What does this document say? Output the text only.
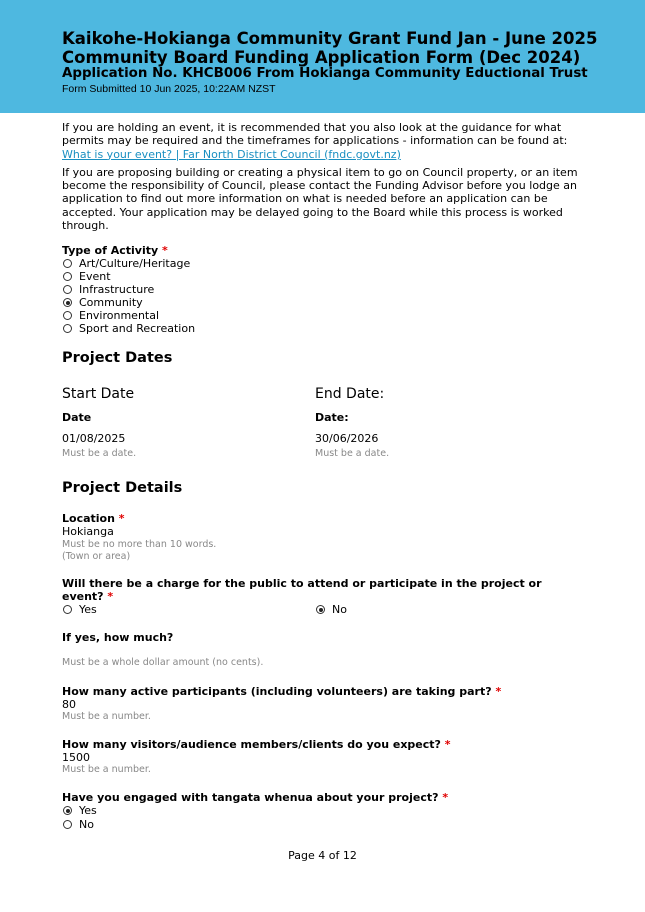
Kaikohe-Hokianga Community Grant Fund Jan - June 2025
Community Board Funding Application Form (Dec 2024)
Application No. KHCB006 From Hokianga Community Eductional Trust
Form Submitted 10 Jun 2025, 10:22AM NZST

If you are holding an event, it is recommended that you also look at the guidance for what permits may be required and the timeframes for applications - information can be found at:
What is your event? | Far North District Council (fndc.govt.nz)

If you are proposing building or creating a physical item to go on Council property, or an item become the responsibility of Council, please contact the Funding Advisor before you lodge an application to find out more information on what is needed before an application can be accepted. Your application may be delayed going to the Board while this process is worked through.

Type of Activity *
Art/Culture/Heritage
Event
Infrastructure
Community
Environmental
Sport and Recreation
Project Dates
Start Date
Date
01/08/2025
Must be a date.
End Date:
Date:
30/06/2026
Must be a date.
Project Details
Location *
Hokianga
Must be no more than 10 words.
(Town or area)
Will there be a charge for the public to attend or participate in the project or event? *
Yes	No
If yes, how much?
Must be a whole dollar amount (no cents).
How many active participants (including volunteers) are taking part? *
80
Must be a number.
How many visitors/audience members/clients do you expect? *
1500
Must be a number.
Have you engaged with tangata whenua about your project? *
Yes
No
Page 4 of 12
